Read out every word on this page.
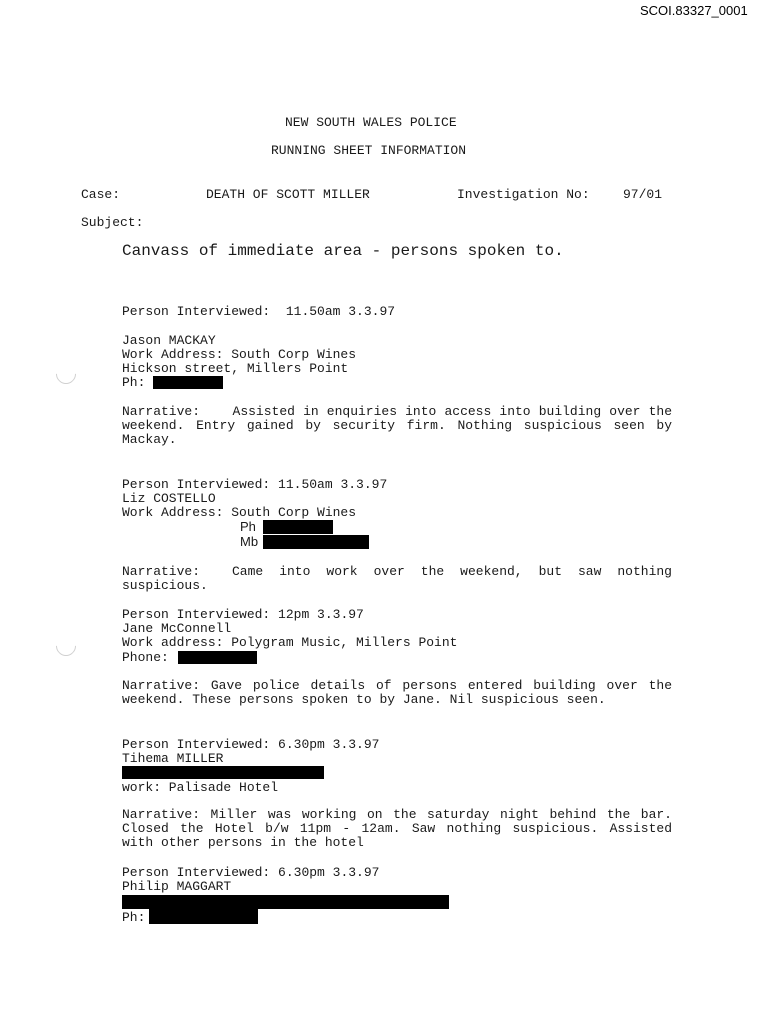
SCOI.83327_0001
NEW SOUTH WALES POLICE
RUNNING SHEET INFORMATION
Case:	DEATH OF SCOTT MILLER	Investigation No:	97/01
Subject:
Canvass of immediate area - persons spoken to.
Person Interviewed: 11.50am 3.3.97
Jason MACKAY
Work Address: South Corp Wines
Hickson street, Millers Point
Ph:
Narrative:	Assisted in enquiries into access into building over the weekend. Entry gained by security firm. Nothing suspicious seen by Mackay.
Person Interviewed: 11.50am 3.3.97
Liz COSTELLO
Work Address: South Corp Wines
Ph
Mb
Narrative: Came into work over the weekend, but saw nothing suspicious.
Person Interviewed: 12pm 3.3.97
Jane McConnell
Work address: Polygram Music, Millers Point
Phone:
Narrative: Gave police details of persons entered building over the weekend. These persons spoken to by Jane. Nil suspicious seen.
Person Interviewed: 6.30pm 3.3.97
Tihema MILLER
work: Palisade Hotel
Narrative: Miller was working on the saturday night behind the bar. Closed the Hotel b/w 11pm - 12am. Saw nothing suspicious. Assisted with other persons in the hotel
Person Interviewed: 6.30pm 3.3.97
Philip MAGGART
Ph:
